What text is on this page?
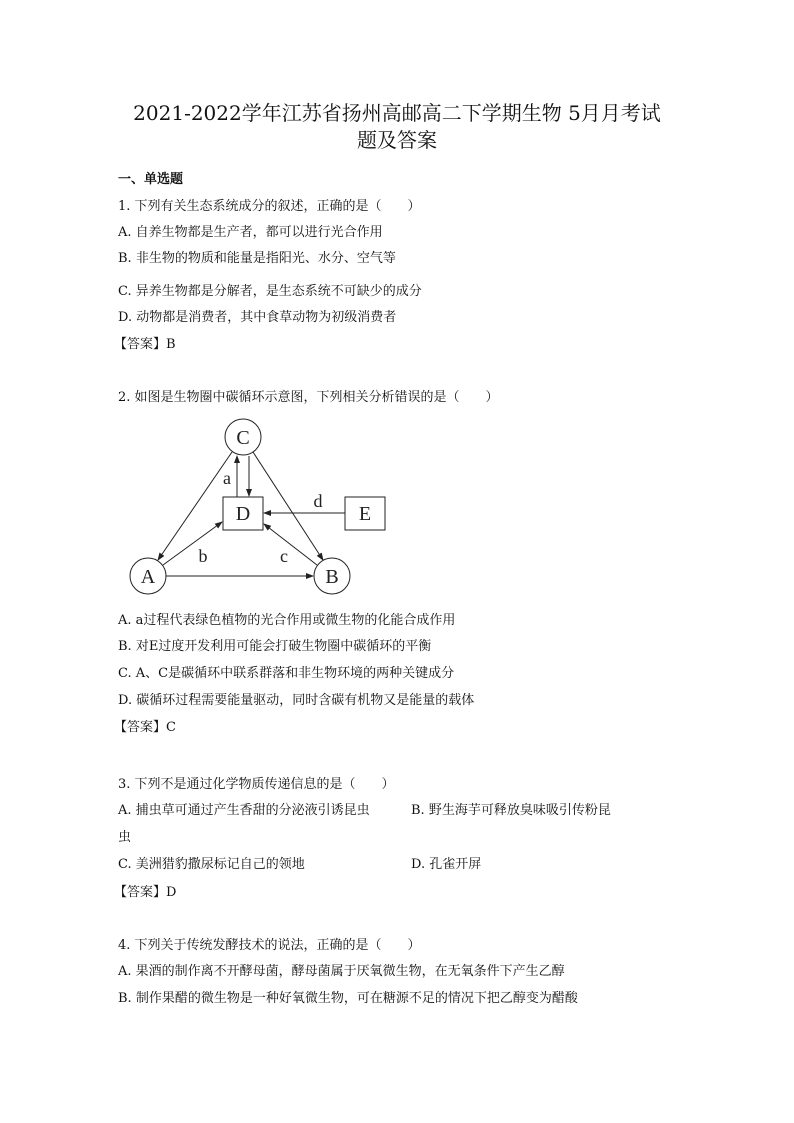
2021-2022学年江苏省扬州高邮高二下学期生物 5月月考试
题及答案
一、单选题
1. 下列有关生态系统成分的叙述，正确的是（　　）
A. 自养生物都是生产者，都可以进行光合作用
B. 非生物的物质和能量是指阳光、水分、空气等
C. 异养生物都是分解者，是生态系统不可缺少的成分
D. 动物都是消费者，其中食草动物为初级消费者
【答案】B
2. 如图是生物圈中碳循环示意图，下列相关分析错误的是（　　）
C
D	E
A	B
a
b	c
d
A. a过程代表绿色植物的光合作用或微生物的化能合成作用
B. 对E过度开发利用可能会打破生物圈中碳循环的平衡
C. A、C是碳循环中联系群落和非生物环境的两种关键成分
D. 碳循环过程需要能量驱动，同时含碳有机物又是能量的载体
【答案】C
3. 下列不是通过化学物质传递信息的是（　　）
A. 捕虫草可通过产生香甜的分泌液引诱昆虫	B. 野生海芋可释放臭味吸引传粉昆
虫
C. 美洲猎豹撒尿标记自己的领地	D. 孔雀开屏
【答案】D
4. 下列关于传统发酵技术的说法，正确的是（　　）
A. 果酒的制作离不开酵母菌，酵母菌属于厌氧微生物，在无氧条件下产生乙醇
B. 制作果醋的微生物是一种好氧微生物，可在糖源不足的情况下把乙醇变为醋酸
